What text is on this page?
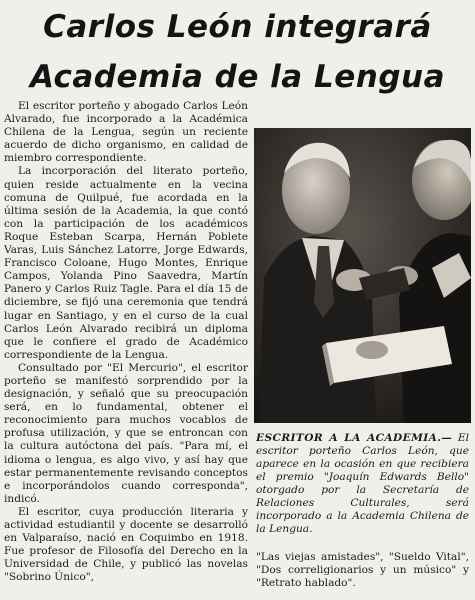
Carlos León integrará
Academia de la Lengua

El escritor porteño y abogado Carlos León Alvarado, fue incorporado a la Académica Chilena de la Lengua, según un reciente acuerdo de dicho organismo, en calidad de miembro correspondiente.

La incorporación del literato porteño, quien reside actualmente en la vecina comuna de Quilpué, fue acordada en la última sesión de la Academia, la que contó con la participación de los académicos Roque Esteban Scarpa, Hernán Poblete Varas, Luis Sánchez Latorre, Jorge Edwards, Francisco Coloane, Hugo Montes, Enrique Campos, Yolanda Pino Saavedra, Martín Panero y Carlos Ruiz Tagle. Para el día 15 de diciembre, se fijó una ceremonia que tendrá lugar en Santiago, y en el curso de la cual Carlos León Alvarado recibirá un diploma que le confiere el grado de Académico correspondiente de la Lengua.

Consultado por "El Mercurio", el escritor porteño se manifestó sorprendido por la designación, y señaló que su preocupación será, en lo fundamental, obtener el reconocimiento para muchos vocablos de profusa utilización, y que se entroncan con la cultura autóctona del país. "Para mí, el idioma o lengua, es algo vivo, y así hay que estar permanentemente revisando conceptos e incorporándolos cuando corresponda", indicó.

El escritor, cuya producción literaria y actividad estudiantil y docente se desarrolló en Valparaíso, nació en Coquimbo en 1918. Fue profesor de Filosofía del Derecho en la Universidad de Chile, y publicó las novelas "Sobrino Único",

ESCRITOR A LA ACADEMIA.— El escritor porteño Carlos León, que aparece en la ocasión en que recibiera el premio "Joaquín Edwards Bello" otorgado por la Secretaría de Relaciones Culturales, será incorporado a la Academia Chilena de la Lengua.
"Las viejas amistades", "Sueldo Vital", "Dos correligionarios y un músico" y "Retrato hablado".
